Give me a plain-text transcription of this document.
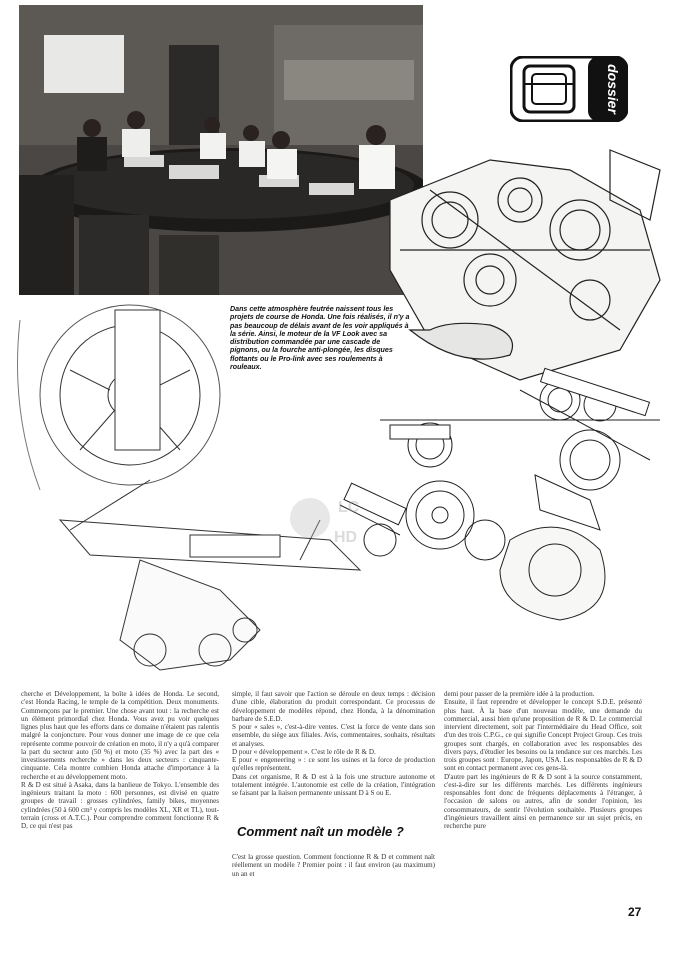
dossier
LC
HD
Dans cette atmosphère feutrée naissent tous les projets de course de Honda. Une fois réalisés, il n'y a pas beaucoup de délais avant de les voir appliqués à la série. Ainsi, le moteur de la VF Look avec sa distribution commandée par une cascade de pignons, ou la fourche anti-plongée, les disques flottants ou le Pro-link avec ses roulements à rouleaux.
cherche et Développement, la boîte à idées de Honda. Le second, c'est Honda Racing, le temple de la compétition. Deux monuments. Commençons par le premier. Une chose avant tout : la recherche est un élément primordial chez Honda. Vous avez pu voir quelques lignes plus haut que les efforts dans ce domaine n'étaient pas ralentis malgré la conjoncture. Pour vous donner une image de ce que cela représente comme pouvoir de création en moto, il n'y a qu'à comparer la part du secteur auto (50 %) et moto (35 %) avec la part des « investissements recherche » dans les deux secteurs : cinquante-cinquante. Cela montre combien Honda attache d'importance à la recherche et au développement moto.
R & D est situé à Asaka, dans la banlieue de Tokyo. L'ensemble des ingénieurs traitant la moto : 600 personnes, est divisé en quatre groupes de travail : grosses cylindrées, family bikes, moyennes cylindrées (50 à 600 cm³ y compris les modèles XL, XR et TL), tout-terrain (cross et A.T.C.). Pour comprendre comment fonctionne R & D, ce qui n'est pas
simple, il faut savoir que l'action se déroule en deux temps : décision d'une cible, élaboration du produit correspondant. Ce processus de développement de modèles répond, chez Honda, à la dénomination barbare de S.E.D.
S pour « sales », c'est-à-dire ventes. C'est la force de vente dans son ensemble, du siège aux filiales. Avis, commentaires, souhaits, résultats et analyses.
D pour « développement ». C'est le rôle de R & D.
E pour « engeneering » : ce sont les usines et la force de production qu'elles représentent.
Dans cet organisme, R & D est à la fois une structure autonome et totalement intégrée. L'autonomie est celle de la création, l'intégration se faisant par la liaison permanente unissant D à S ou E.
Comment naît un modèle ?
C'est la grosse question. Comment fonctionne R & D et comment naît réellement un modèle ? Premier point : il faut environ (au maximum) un an et
demi pour passer de la première idée à la production.
Ensuite, il faut reprendre et développer le concept S.D.E. présenté plus haut. À la base d'un nouveau modèle, une demande du commercial, aussi bien qu'une proposition de R & D. Le commercial intervient directement, soit par l'intermédiaire du Head Office, soit d'un des trois C.P.G., ce qui signifie Concept Project Group. Ces trois groupes sont chargés, en collaboration avec les responsables des divers pays, d'étudier les besoins ou la tendance sur ces marchés. Les trois groupes sont : Europe, Japon, USA. Les responsables de R & D sont en contact permanent avec ces gens-là.
D'autre part les ingénieurs de R & D sont à la source constamment, c'est-à-dire sur les différents marchés. Les différents ingénieurs responsables font donc de fréquents déplacements à l'étranger, à l'occasion de salons ou autres, afin de sonder l'opinion, les consommateurs, de sentir l'évolution souhaitée. Plusieurs groupes d'ingénieurs travaillent ainsi en permanence sur un sujet précis, en recherche pure
27
